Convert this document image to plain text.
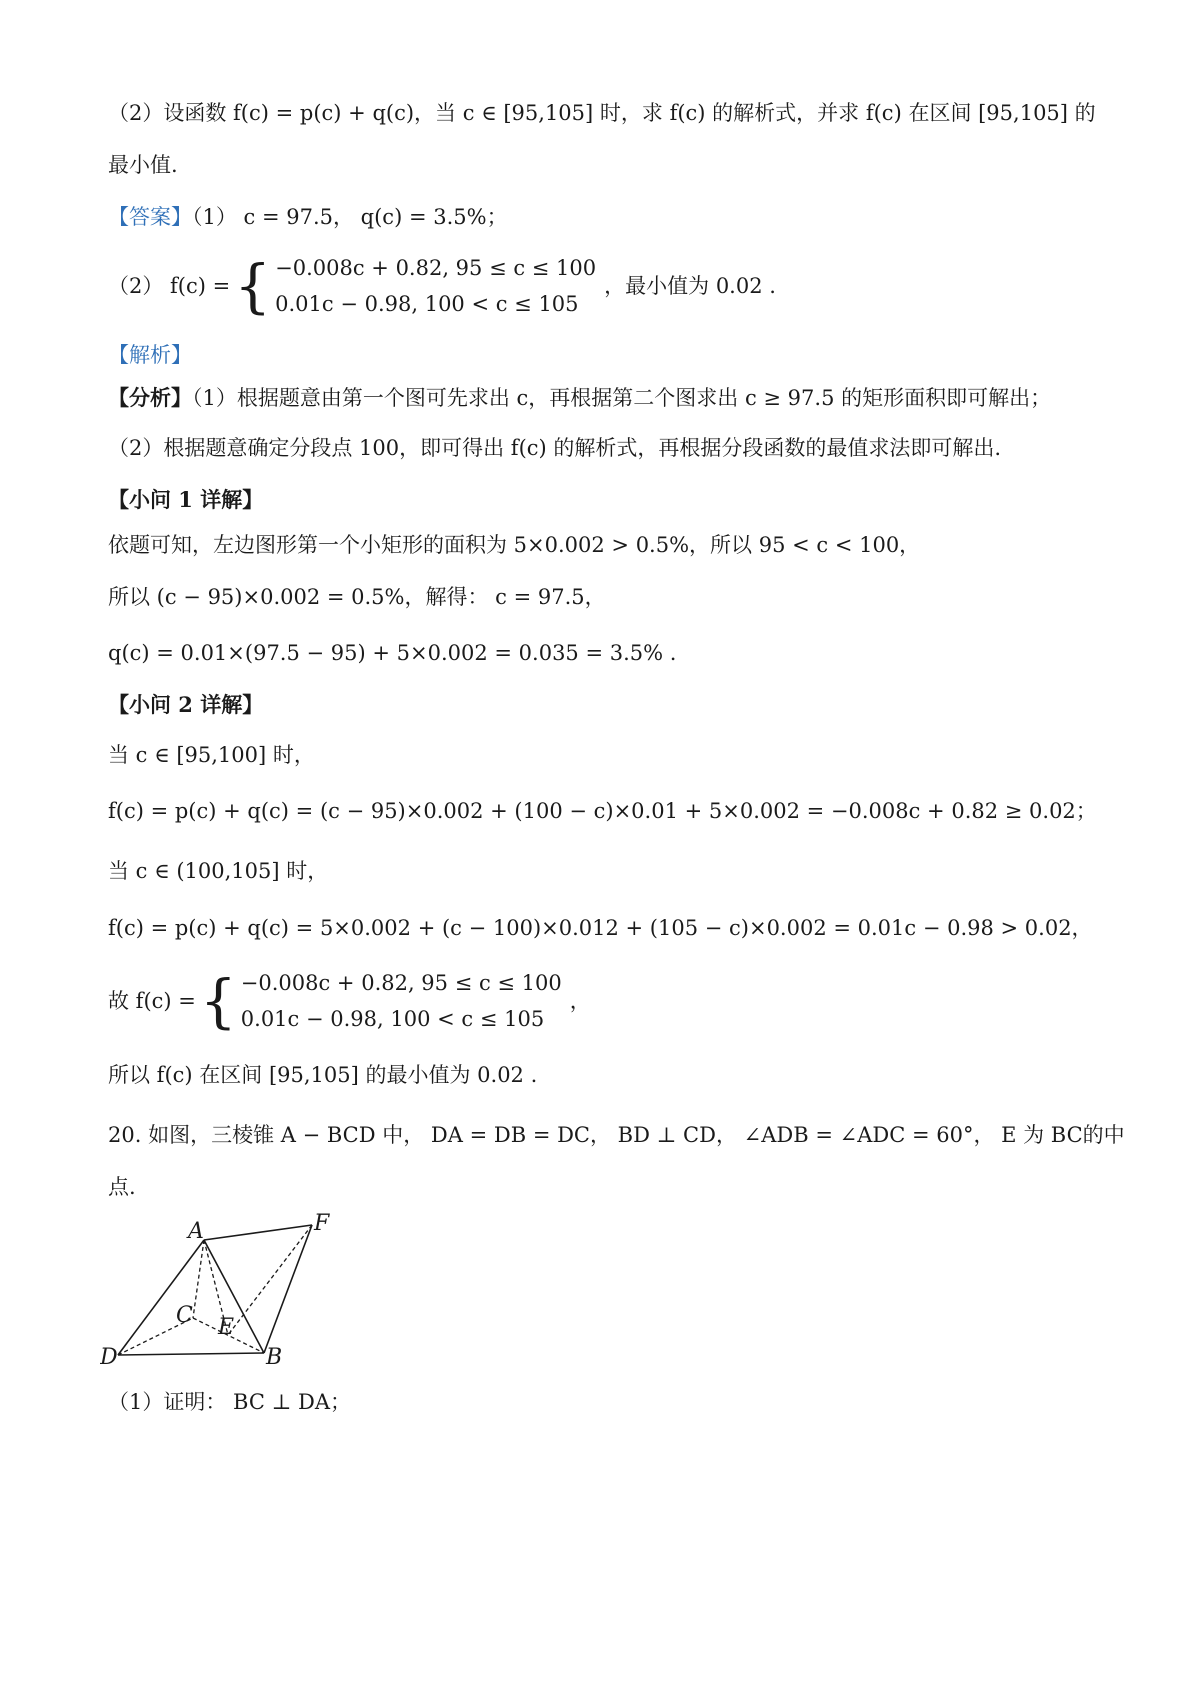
（2）设函数 f(c) = p(c) + q(c)，当 c ∈ [95,105] 时，求 f(c) 的解析式，并求 f(c) 在区间 [95,105] 的
最小值.
【答案】（1） c = 97.5， q(c) = 3.5%；
（2） f(c) = { −0.008c + 0.82, 95 ≤ c ≤ 100
0.01c − 0.98, 100 < c ≤ 105
，最小值为 0.02 .
【解析】
【分析】（1）根据题意由第一个图可先求出 c，再根据第二个图求出 c ≥ 97.5 的矩形面积即可解出；
（2）根据题意确定分段点 100，即可得出 f(c) 的解析式，再根据分段函数的最值求法即可解出.
【小问 1 详解】
依题可知，左边图形第一个小矩形的面积为 5×0.002 > 0.5%，所以 95 < c < 100，
所以 (c − 95)×0.002 = 0.5%，解得： c = 97.5，
q(c) = 0.01×(97.5 − 95) + 5×0.002 = 0.035 = 3.5% .
【小问 2 详解】
当 c ∈ [95,100] 时，
f(c) = p(c) + q(c) = (c − 95)×0.002 + (100 − c)×0.01 + 5×0.002 = −0.008c + 0.82 ≥ 0.02；
当 c ∈ (100,105] 时，
f(c) = p(c) + q(c) = 5×0.002 + (c − 100)×0.012 + (105 − c)×0.002 = 0.01c − 0.98 > 0.02，
故 f(c) = { −0.008c + 0.82, 95 ≤ c ≤ 100
0.01c − 0.98, 100 < c ≤ 105
，
所以 f(c) 在区间 [95,105] 的最小值为 0.02 .
20. 如图，三棱锥 A − BCD 中， DA = DB = DC， BD ⊥ CD， ∠ADB = ∠ADC = 60°， E 为 BC的中
点.
A	F
C E
D	B
（1）证明： BC ⊥ DA；
